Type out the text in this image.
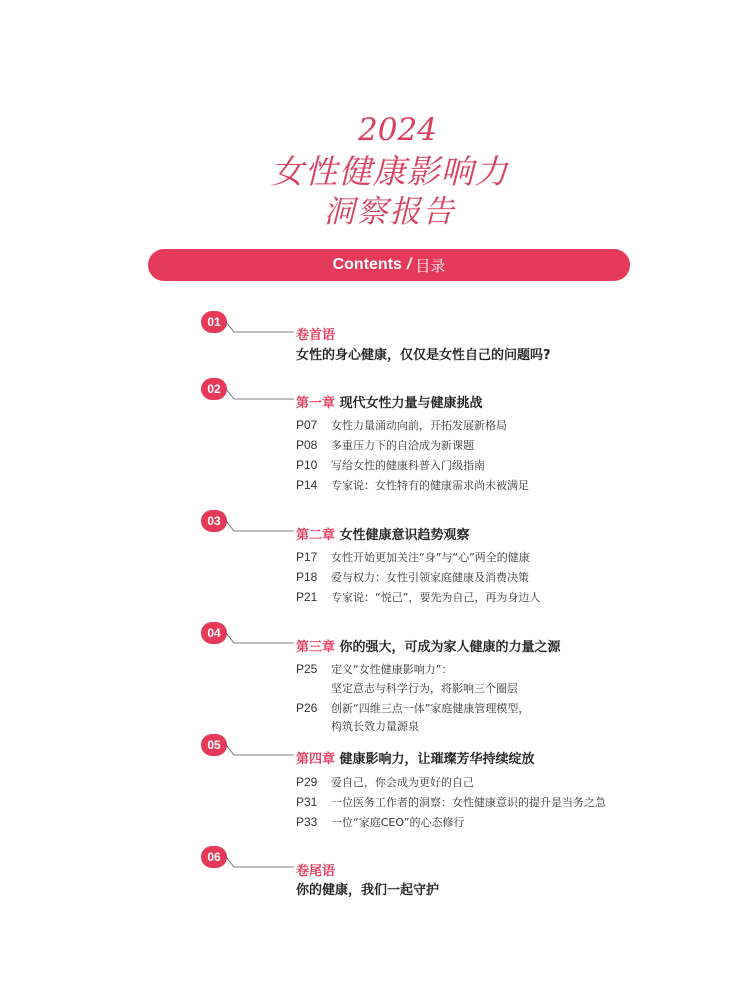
2024
女性健康影响力
洞察报告
Contents / 目录
01
卷首语
女性的身心健康，仅仅是女性自己的问题吗?
02
第一章 现代女性力量与健康挑战
P07 女性力量涌动向前，开拓发展新格局
P08 多重压力下的自洽成为新课题
P10 写给女性的健康科普入门级指南
P14 专家说：女性特有的健康需求尚未被满足
03
第二章 女性健康意识趋势观察
P17 女性开始更加关注“身”与“心”两全的健康
P18 爱与权力：女性引领家庭健康及消费决策
P21 专家说：“悦己”，要先为自己，再为身边人
04
第三章 你的强大，可成为家人健康的力量之源
P25 定义“女性健康影响力”：
坚定意志与科学行为，将影响三个圈层
P26 创新“四维三点一体”家庭健康管理模型，
构筑长效力量源泉
05
第四章 健康影响力，让璀璨芳华持续绽放
P29 爱自己，你会成为更好的自己
P31 一位医务工作者的洞察：女性健康意识的提升是当务之急
P33 一位“家庭CEO”的心态修行
06
卷尾语
你的健康，我们一起守护
